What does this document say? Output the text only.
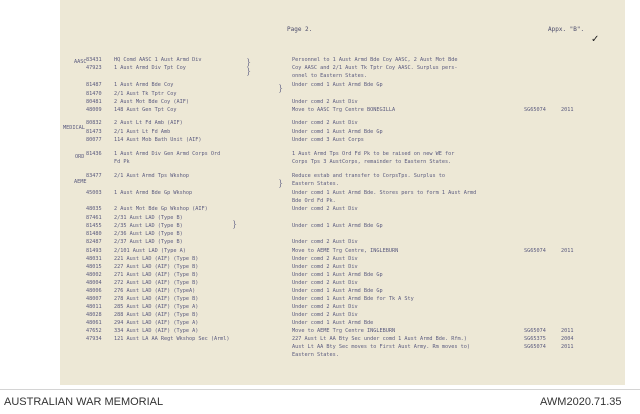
Page 2.	Appx. "B".
✓
AASC
MEDICAL
ORD
AEME
}
}
}
}
}
83431 HQ Comd AASC 1 Aust Armd Div	Personnel to 1 Aust Armd Bde Coy AASC, 2 Aust Mot Bde
47923 1 Aust Armd Div Tpt Coy	Coy AASC and 2/1 Aust Tk Tptr Coy AASC. Surplus pers-
onnel to Eastern States.
81487 1 Aust Armd Bde Coy	Under comd 1 Aust Armd Bde Gp
81470 2/1 Aust Tk Tptr Coy
80481 2 Aust Mot Bde Coy (AIF)	Under comd 2 Aust Div
48009 148 Aust Gen Tpt Coy	Move to AASC Trg Centre BONEGILLA	SG65074	2011
80832 2 Aust Lt Fd Amb (AIF)	Under comd 2 Aust Div
81473 2/1 Aust Lt Fd Amb	Under comd 1 Aust Armd Bde Gp
80077 114 Aust Mob Bath Unit (AIF)	Under comd 3 Aust Corps
81436 1 Aust Armd Div Gen Armd Corps Ord	1 Aust Armd Tps Ord Fd Pk to be raised on new WE for
Fd Pk	Corps Tps 3 AustCorps, remainder to Eastern States.
83477 2/1 Aust Armd Tps Wkshop	Reduce estab and transfer to CorpsTps. Surplus to
Eastern States.
45003 1 Aust Armd Bde Gp Wkshop	Under comd 1 Aust Armd Bde. Stores pers to form 1 Aust Armd
Bde Ord Fd Pk.
48035 2 Aust Mot Bde Gp Wkshop (AIF)	Under comd 2 Aust Div
87461 2/31 Aust LAD (Type B)
81455 2/35 Aust LAD (Type B)	Under comd 1 Aust Armd Bde Gp
81480 2/36 Aust LAD (Type B)
82487 2/37 Aust LAD (Type B)	Under comd 2 Aust Div
81493 2/101 Aust LAD (Type A)	Move to AEME Trg Centre, INGLEBURN	SG65074	2011
48031 221 Aust LAD (AIF) (Type B)	Under comd 2 Aust Div
48015 227 Aust LAD (AIF) (Type B)	Under comd 2 Aust Div
48002 271 Aust LAD (AIF) (Type B)	Under comd 1 Aust Armd Bde Gp
48004 272 Aust LAD (AIF) (Type B)	Under comd 2 Aust Div
48006 276 Aust LAD (AIF) (TypeA)	Under comd 1 Aust Armd Bde Gp
48007 278 Aust LAD (AIF) (Type B)	Under comd 1 Aust Armd Bde for Tk A Sty
48011 285 Aust LAD (AIF) (Type A)	Under comd 2 Aust Div
48028 288 Aust LAD (AIF) (Type B)	Under comd 2 Aust Div
48061 294 Aust LAD (AIF) (Type A)	Under comd 1 Aust Armd Bde
47652 334 Aust LAD (AIF) (Type A)	Move to AEME Trg Centre INGLEBURN	SG65074	2011
47934 121 Aust LA AA Regt Wkshop Sec (Arml)	227 Aust Lt AA Bty Sec under comd 1 Aust Armd Bde. Rfm.)	SG65375	2004
Aust Lt AA Bty Sec moves to First Aust Army. Rm moves to)	SG65074	2011
Eastern States.
AUSTRALIAN WAR MEMORIAL	AWM2020.71.35
